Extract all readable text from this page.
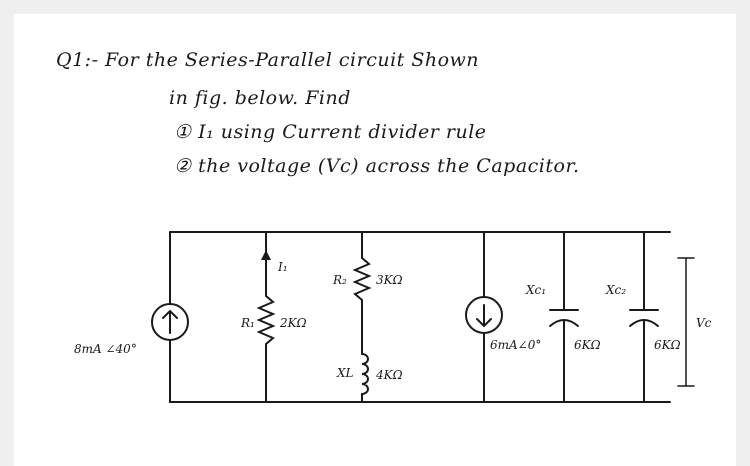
Q1:- For the Series-Parallel circuit Shown
in fig. below. Find
① I₁ using Current divider rule
② the voltage (Vc) across the Capacitor.
8mA ∠40°
I₁
R₁ 2KΩ
R₂ 3KΩ
XL 4KΩ
6mA∠0°
Xc₁
6KΩ
Xc₂
6KΩ
Vc
